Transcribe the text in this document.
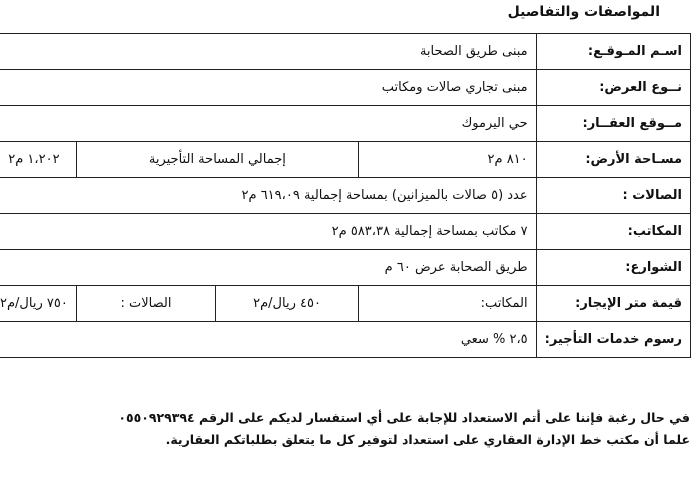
المواصفات والتفاصيل
اسـم المـوقـع:	مبنى طريق الصحابة			
نــوع العرض:	مبنى تجاري صالات ومكاتب			
مــوقع العقــار:	حي اليرموك			
مسـاحة الأرض:	٨١٠ م٢	إجمالي المساحة التأجيرية		١،٢٠٢ م٢
الصالات :	عدد (٥ صالات بالميزانين) بمساحة إجمالية ٦١٩،٠٩ م٢			
المكاتب:	٧ مكاتب بمساحة إجمالية ٥٨٣،٣٨ م٢			
الشوارع:	طريق الصحابة عرض ٦٠ م			
قيمة متر الإيجار:	المكاتب:	٤٥٠ ريال/م٢	الصالات :	٧٥٠ ريال/م٢
رسوم خدمات التأجير:	٢،٥ % سعي			

في حال رغبة فإننا على أتم الاستعداد للإجابة على أي استفسار لديكم على الرقم ٠٥٥٠٩٢٩٣٩٤

علما أن مكتب خط الإدارة العقاري على استعداد لتوفير كل ما يتعلق بطلباتكم العقارية.
